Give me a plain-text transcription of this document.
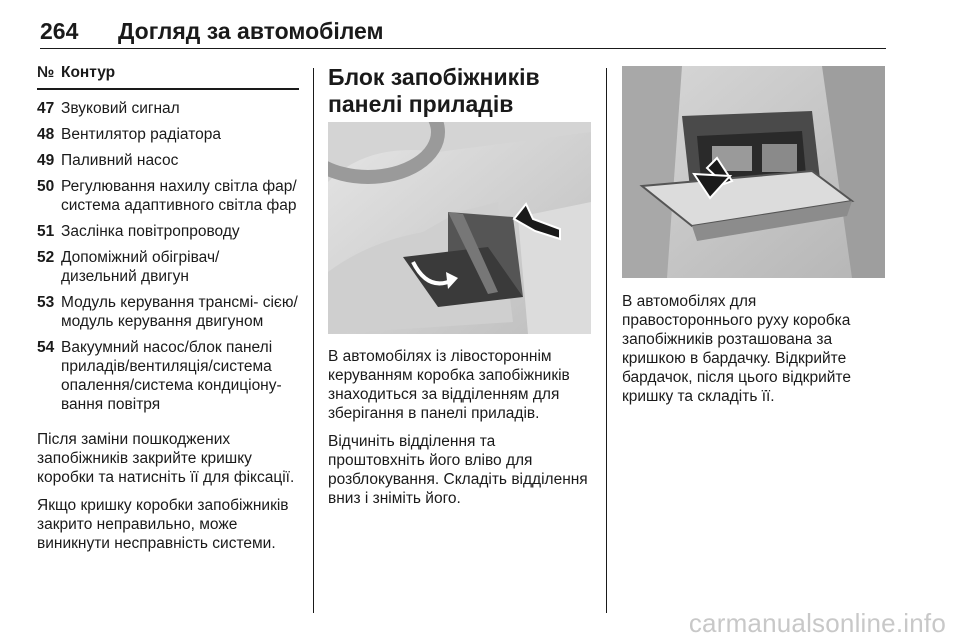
264 Догляд за автомобілем
№ Контур
47 Звуковий сигнал
48 Вентилятор радіатора
49 Паливний насос
50 Регулювання нахилу світла фар/система адаптивного світла фар
51 Заслінка повітропроводу
52 Допоміжний обігрівач/ дизельний двигун
53 Модуль керування трансмі- сією/модуль керування двигуном
54 Вакуумний насос/блок панелі приладів/вентиляція/система опалення/система кондиціону- вання повітря
Після заміни пошкоджених запобіжників закрийте кришку коробки та натисніть її для фіксації.
Якщо кришку коробки запобіжників закрито неправильно, може виникнути несправність системи.
Блок запобіжників панелі приладів
В автомобілях із лівостороннім керуванням коробка запобіжників знаходиться за відділенням для зберігання в панелі приладів.
Відчиніть відділення та проштовхніть його вліво для розблокування. Складіть відділення вниз і зніміть його.
В автомобілях для правостороннього руху коробка запобіжників розташована за кришкою в бардачку. Відкрийте бардачок, після цього відкрийте кришку та складіть її.
carmanualsonline.info
